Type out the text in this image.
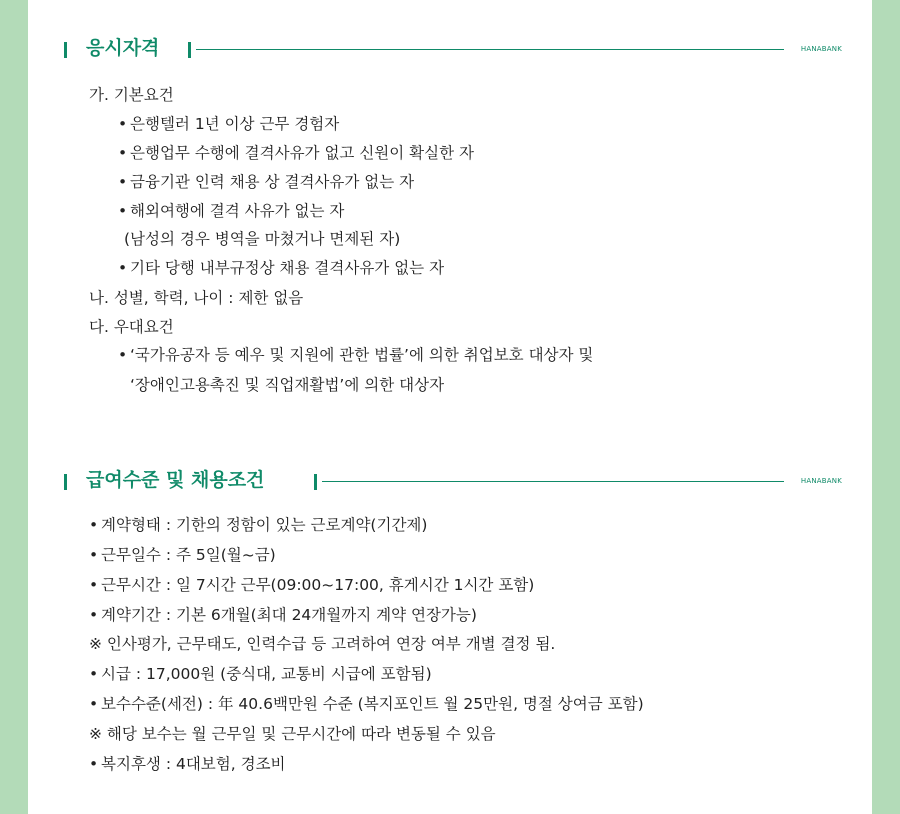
응시자격	HANABANK
가. 기본요건
• 은행텔러 1년 이상 근무 경험자
• 은행업무 수행에 결격사유가 없고 신원이 확실한 자
• 금융기관 인력 채용 상 결격사유가 없는 자
• 해외여행에 결격 사유가 없는 자
(남성의 경우 병역을 마쳤거나 면제된 자)
• 기타 당행 내부규정상 채용 결격사유가 없는 자
나. 성별, 학력, 나이 : 제한 없음
다. 우대요건
• ‘국가유공자 등 예우 및 지원에 관한 법률’에 의한 취업보호 대상자 및
‘장애인고용촉진 및 직업재활법’에 의한 대상자
급여수준 및 채용조건	HANABANK
• 계약형태 : 기한의 정함이 있는 근로계약(기간제)
• 근무일수 : 주 5일(월~금)
• 근무시간 : 일 7시간 근무(09:00~17:00, 휴게시간 1시간 포함)
• 계약기간 : 기본 6개월(최대 24개월까지 계약 연장가능)
※ 인사평가, 근무태도, 인력수급 등 고려하여 연장 여부 개별 결정 됨.
• 시급 : 17,000원 (중식대, 교통비 시급에 포함됨)
• 보수수준(세전) : 年 40.6백만원 수준 (복지포인트 월 25만원, 명절 상여금 포함)
※ 해당 보수는 월 근무일 및 근무시간에 따라 변동될 수 있음
• 복지후생 : 4대보험, 경조비
